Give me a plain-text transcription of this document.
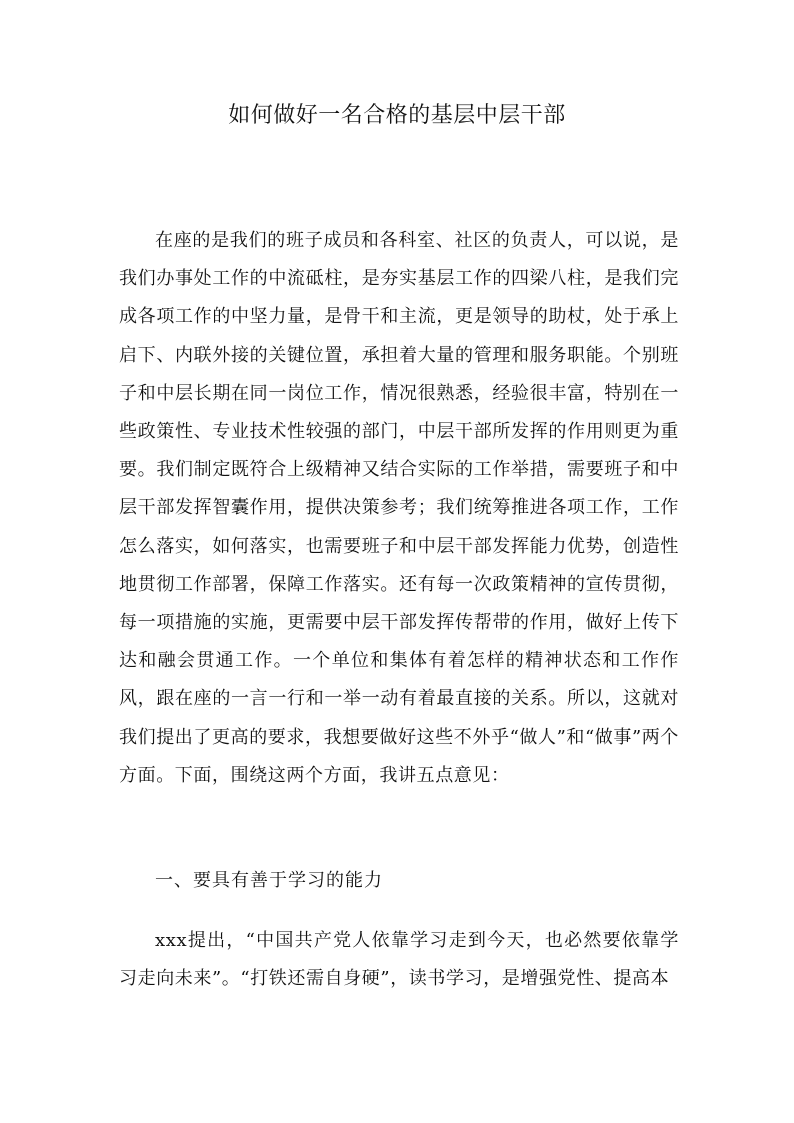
如何做好一名合格的基层中层干部

在座的是我们的班子成员和各科室、社区的负责人，可以说，是我们办事处工作的中流砥柱，是夯实基层工作的四梁八柱，是我们完成各项工作的中坚力量，是骨干和主流，更是领导的助杖，处于承上启下、内联外接的关键位置，承担着大量的管理和服务职能。个别班子和中层长期在同一岗位工作，情况很熟悉，经验很丰富，特别在一些政策性、专业技术性较强的部门，中层干部所发挥的作用则更为重要。我们制定既符合上级精神又结合实际的工作举措，需要班子和中层干部发挥智囊作用，提供决策参考；我们统筹推进各项工作，工作怎么落实，如何落实，也需要班子和中层干部发挥能力优势，创造性地贯彻工作部署，保障工作落实。还有每一次政策精神的宣传贯彻，每一项措施的实施，更需要中层干部发挥传帮带的作用，做好上传下达和融会贯通工作。一个单位和集体有着怎样的精神状态和工作作风，跟在座的一言一行和一举一动有着最直接的关系。所以，这就对我们提出了更高的要求，我想要做好这些不外乎“做人”和“做事”两个方面。下面，围绕这两个方面，我讲五点意见：

一、要具有善于学习的能力

xxx提出，“中国共产党人依靠学习走到今天，也必然要依靠学习走向未来”。“打铁还需自身硬”，读书学习，是增强党性、提高本
